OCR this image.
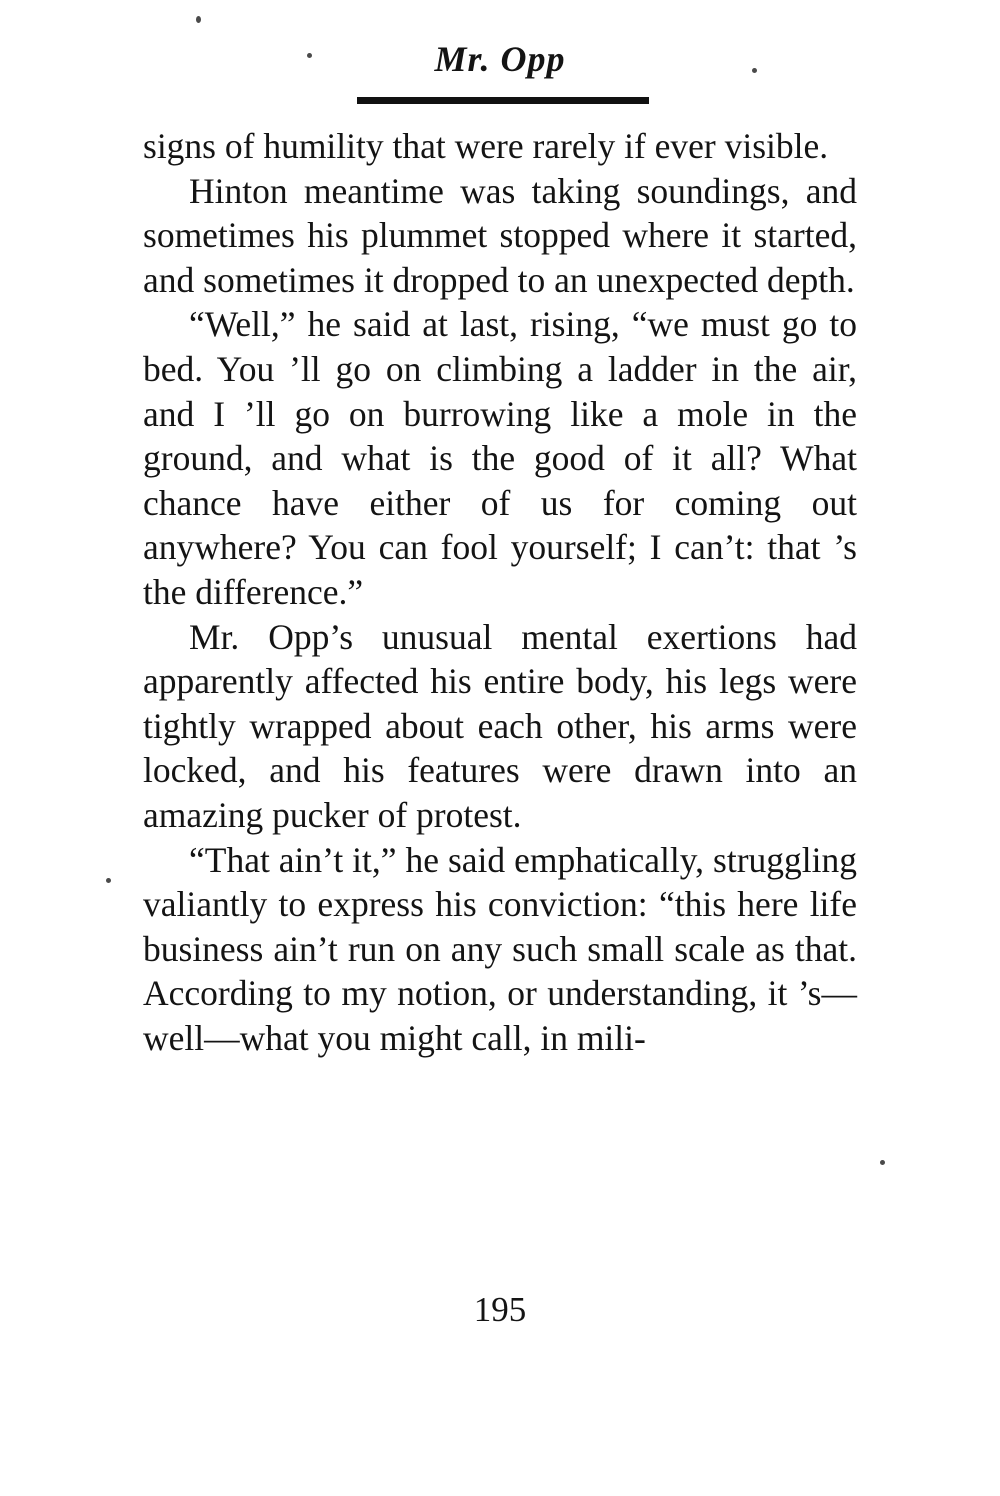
Mr. Opp

signs of humility that were rarely if ever visible.

Hinton meantime was taking soundings, and sometimes his plummet stopped where it started, and sometimes it dropped to an unexpected depth.

“Well,” he said at last, rising, “we must go to bed. You ’ll go on climbing a ladder in the air, and I ’ll go on burrowing like a mole in the ground, and what is the good of it all? What chance have either of us for coming out anywhere? You can fool yourself; I can’t: that ’s the difference.”

Mr. Opp’s unusual mental exertions had apparently affected his entire body, his legs were tightly wrapped about each other, his arms were locked, and his features were drawn into an amazing pucker of protest.

“That ain’t it,” he said emphatically, struggling valiantly to express his conviction: “this here life business ain’t run on any such small scale as that. According to my notion, or understanding, it ’s—well—what you might call, in mili-

195
